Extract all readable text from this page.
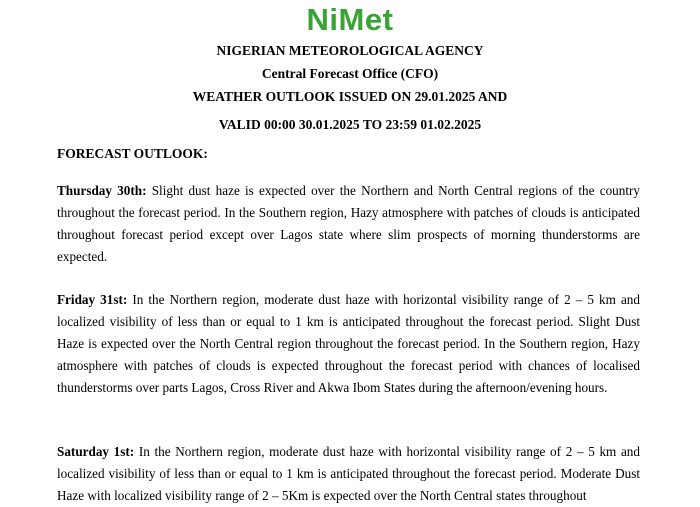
NiMet
NIGERIAN METEOROLOGICAL AGENCY
Central Forecast Office (CFO)
WEATHER OUTLOOK ISSUED ON 29.01.2025 AND
VALID 00:00 30.01.2025 TO 23:59 01.02.2025
FORECAST OUTLOOK:

Thursday 30th: Slight dust haze is expected over the Northern and North Central regions of the country throughout the forecast period. In the Southern region, Hazy atmosphere with patches of clouds is anticipated throughout forecast period except over Lagos state where slim prospects of morning thunderstorms are expected.

Friday 31st: In the Northern region, moderate dust haze with horizontal visibility range of 2 – 5 km and localized visibility of less than or equal to 1 km is anticipated throughout the forecast period. Slight Dust Haze is expected over the North Central region throughout the forecast period. In the Southern region, Hazy atmosphere with patches of clouds is expected throughout the forecast period with chances of localised thunderstorms over parts Lagos, Cross River and Akwa Ibom States during the afternoon/evening hours.

Saturday 1st: In the Northern region, moderate dust haze with horizontal visibility range of 2 – 5 km and localized visibility of less than or equal to 1 km is anticipated throughout the forecast period. Moderate Dust Haze with localized visibility range of 2 – 5Km is expected over the North Central states throughout
